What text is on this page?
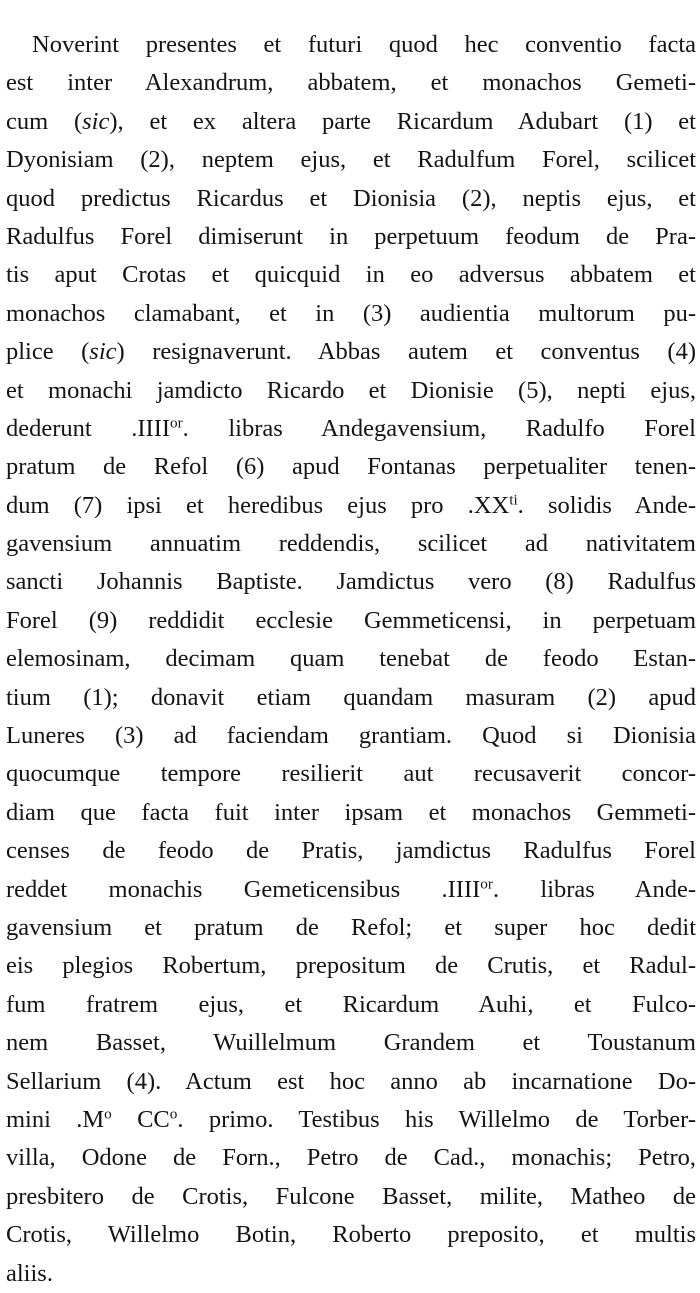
Noverint presentes et futuri quod hec conventio facta
est inter Alexandrum, abbatem, et monachos Gemeti-
cum (sic), et ex altera parte Ricardum Adubart (1) et
Dyonisiam (2), neptem ejus, et Radulfum Forel, scilicet
quod predictus Ricardus et Dionisia (2), neptis ejus, et
Radulfus Forel dimiserunt in perpetuum feodum de Pra-
tis aput Crotas et quicquid in eo adversus abbatem et
monachos clamabant, et in (3) audientia multorum pu-
plice (sic) resignaverunt. Abbas autem et conventus (4)
et monachi jamdicto Ricardo et Dionisie (5), nepti ejus,
dederunt $.IIII^{or}$. libras Andegavensium, Radulfo Forel
pratum de Refol (6) apud Fontanas perpetualiter tenen-
dum (7) ipsi et heredibus ejus pro $.XX^{ti}$. solidis Ande-
gavensium annuatim reddendis, scilicet ad nativitatem
sancti Johannis Baptiste. Jamdictus vero (8) Radulfus
Forel (9) reddidit ecclesie Gemmeticensi, in perpetuam
elemosinam, decimam quam tenebat de feodo Estan-
tium (1); donavit etiam quandam masuram (2) apud
Luneres (3) ad faciendam grantiam. Quod si Dionisia
quocumque tempore resilierit aut recusaverit concor-
diam que facta fuit inter ipsam et monachos Gemmeti-
censes de feodo de Pratis, jamdictus Radulfus Forel
reddet monachis Gemeticensibus $.IIII^{or}$. libras Ande-
gavensium et pratum de Refol; et super hoc dedit
eis plegios Robertum, prepositum de Crutis, et Radul-
fum fratrem ejus, et Ricardum Auhi, et Fulco-
nem Basset, Wuillelmum Grandem et Toustanum
Sellarium (4). Actum est hoc anno ab incarnatione Do-
mini $.M^o$ $CC^o$. primo. Testibus his Willelmo de Torber-
villa, Odone de Forn., Petro de Cad., monachis; Petro,
presbitero de Crotis, Fulcone Basset, milite, Matheo de
Crotis, Willelmo Botin, Roberto preposito, et multis
aliis.
